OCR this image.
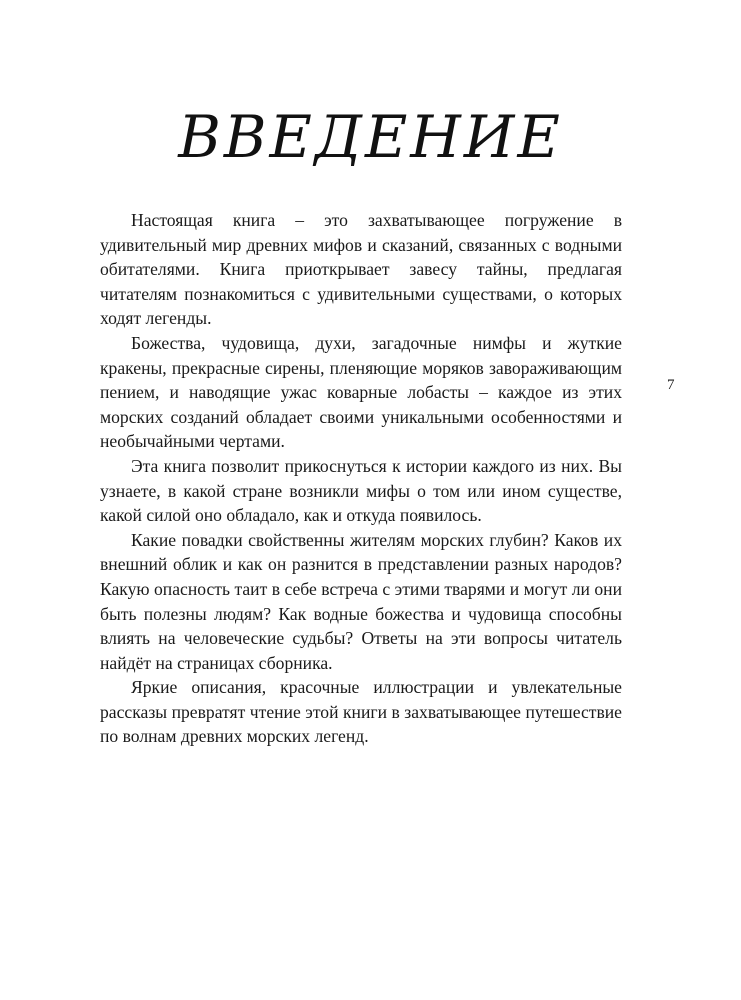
ВВЕДЕНИЕ

Настоящая книга – это захватывающее погружение в удивительный мир древних мифов и сказаний, связанных с водными обитателями. Книга приоткрывает завесу тайны, предлагая читателям познакомиться с удивительными существами, о которых ходят легенды.

Божества, чудовища, духи, загадочные нимфы и жуткие кракены, прекрасные сирены, пленяющие моряков завораживающим пением, и наводящие ужас коварные лобасты – каждое из этих морских созданий обладает своими уникальными особенностями и необычайными чертами.

Эта книга позволит прикоснуться к истории каждого из них. Вы узнаете, в какой стране возникли мифы о том или ином существе, какой силой оно обладало, как и откуда появилось.

Какие повадки свойственны жителям морских глубин? Каков их внешний облик и как он разнится в представлении разных народов? Какую опасность таит в себе встреча с этими тварями и могут ли они быть полезны людям? Как водные божества и чудовища способны влиять на человеческие судьбы? Ответы на эти вопросы читатель найдёт на страницах сборника.

Яркие описания, красочные иллюстрации и увлекательные рассказы превратят чтение этой книги в захватывающее путешествие по волнам древних морских легенд.

7
